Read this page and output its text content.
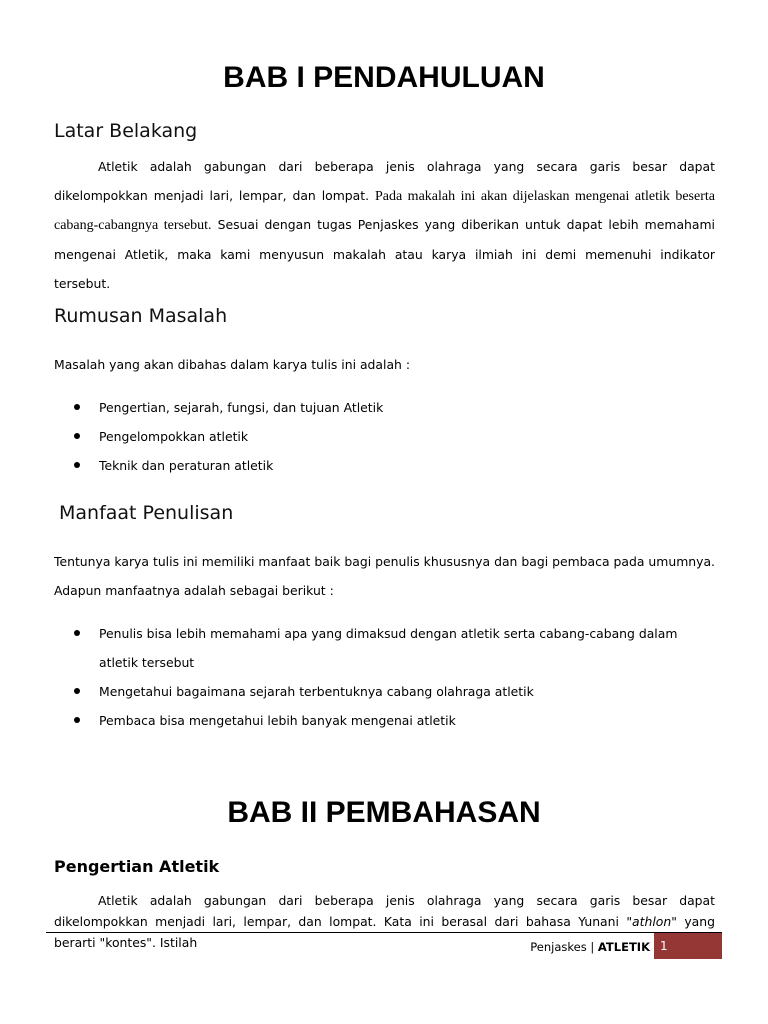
BAB I PENDAHULUAN
Latar Belakang

Atletik adalah gabungan dari beberapa jenis olahraga yang secara garis besar dapat dikelompokkan menjadi lari, lempar, dan lompat. Pada makalah ini akan dijelaskan mengenai atletik beserta cabang-cabangnya tersebut. Sesuai dengan tugas Penjaskes yang diberikan untuk dapat lebih memahami mengenai Atletik, maka kami menyusun makalah atau karya ilmiah ini demi memenuhi indikator tersebut.

Rumusan Masalah

Masalah yang akan dibahas dalam karya tulis ini adalah :

Pengertian, sejarah, fungsi, dan tujuan Atletik
Pengelompokkan atletik
Teknik dan peraturan atletik
Manfaat Penulisan

Tentunya karya tulis ini memiliki manfaat baik bagi penulis khususnya dan bagi pembaca pada umumnya. Adapun manfaatnya adalah sebagai berikut :

Penulis bisa lebih memahami apa yang dimaksud dengan atletik serta cabang-cabang dalam atletik tersebut
Mengetahui bagaimana sejarah terbentuknya cabang olahraga atletik
Pembaca bisa mengetahui lebih banyak mengenai atletik
BAB II PEMBAHASAN
Pengertian Atletik

Atletik adalah gabungan dari beberapa jenis olahraga yang secara garis besar dapat dikelompokkan menjadi lari, lempar, dan lompat. Kata ini berasal dari bahasa Yunani "athlon" yang berarti "kontes". Istilah	Penjaskes | ATLETIK 1
